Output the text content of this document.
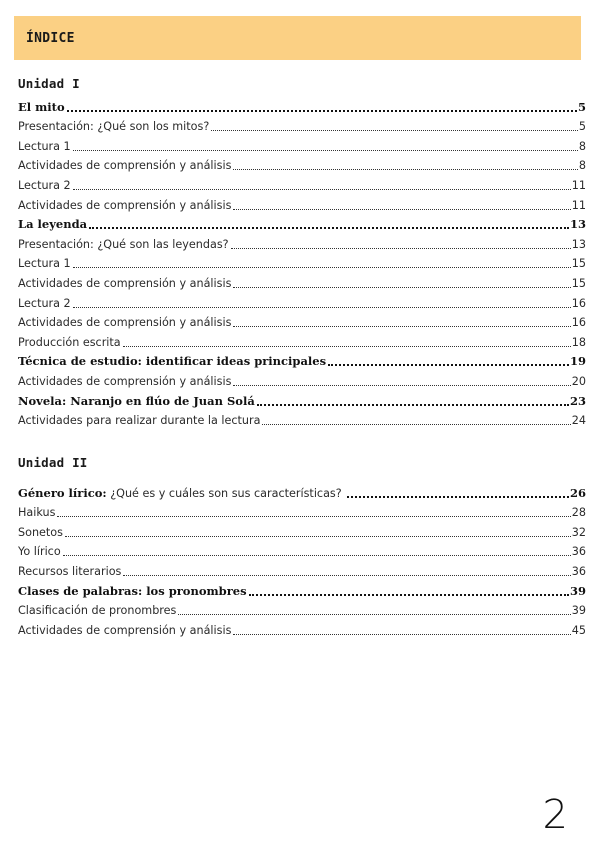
ÍNDICE
Unidad I
El mito	5
Presentación: ¿Qué son los mitos?	5
Lectura 1	8
Actividades de comprensión y análisis	8
Lectura 2	11
Actividades de comprensión y análisis	11
La leyenda	13
Presentación: ¿Qué son las leyendas?	13
Lectura 1	15
Actividades de comprensión y análisis	15
Lectura 2	16
Actividades de comprensión y análisis	16
Producción escrita	18
Técnica de estudio: identificar ideas principales	19
Actividades de comprensión y análisis	20
Novela: Naranjo en flúo de Juan Solá	23
Actividades para realizar durante la lectura	24
Unidad II
Género lírico: ¿Qué es y cuáles son sus características?	26
Haikus	28
Sonetos	32
Yo lírico	36
Recursos literarios	36
Clases de palabras: los pronombres	39
Clasificación de pronombres	39
Actividades de comprensión y análisis	45
2
